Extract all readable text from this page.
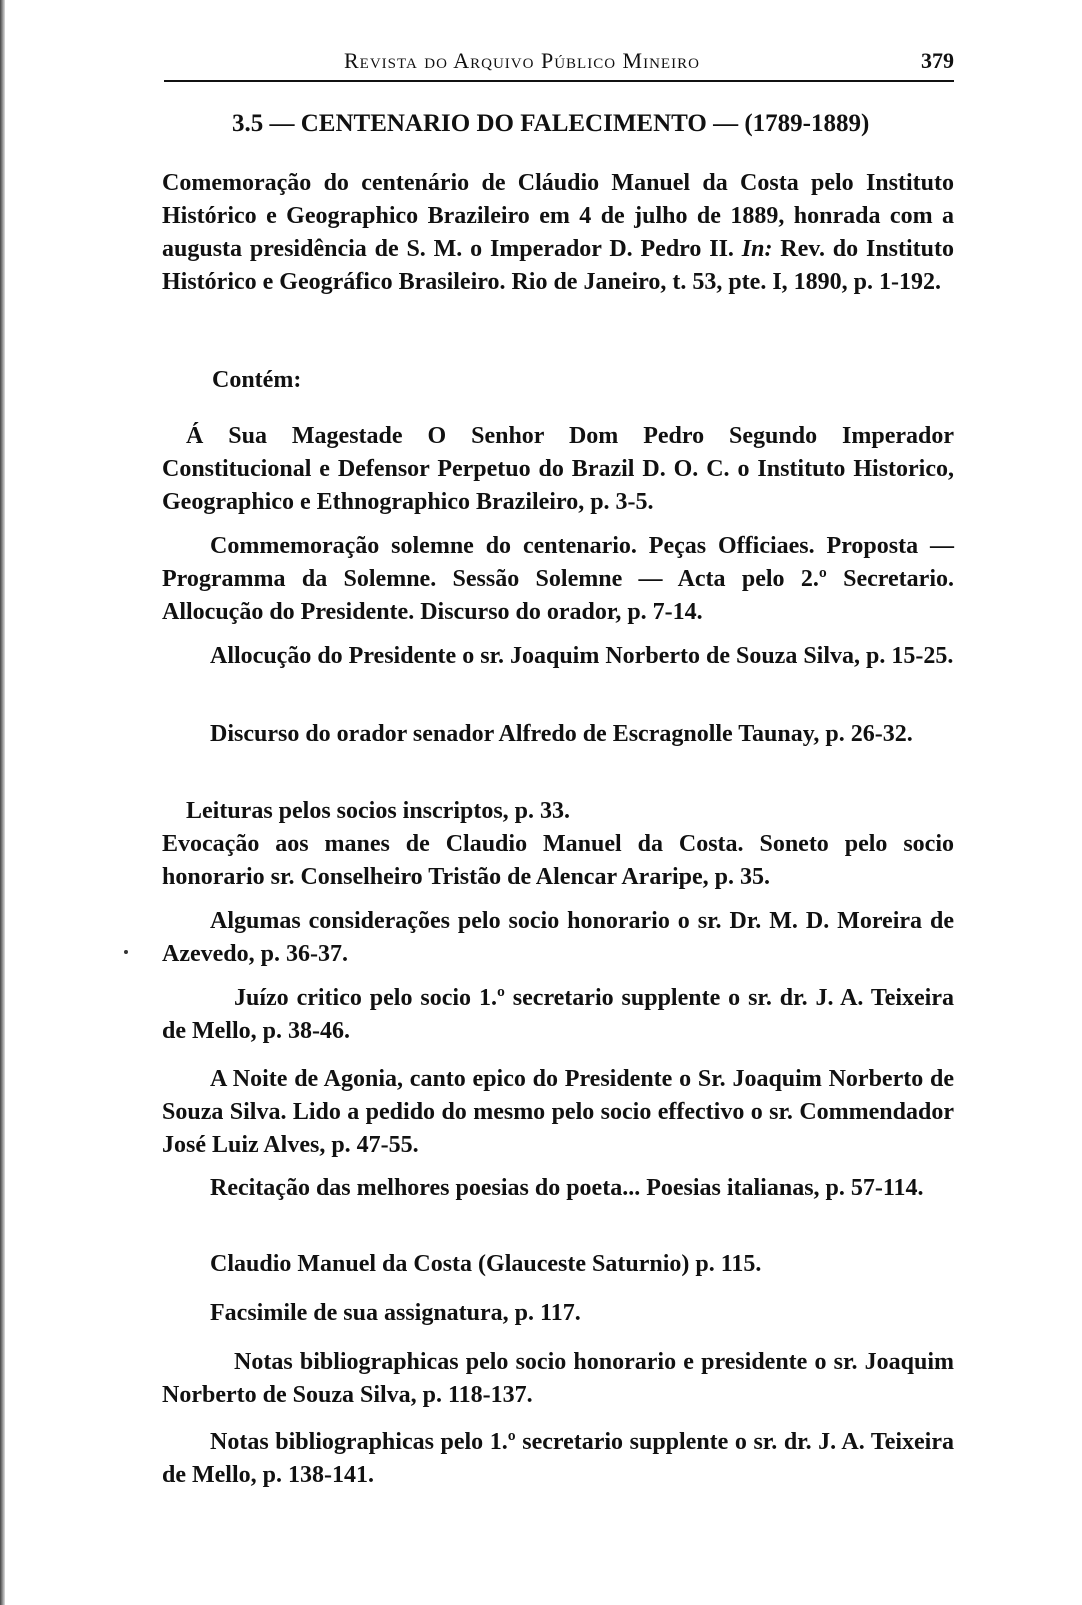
Revista do Arquivo Público Mineiro	379
3.5 — CENTENARIO DO FALECIMENTO — (1789-1889)

Comemoração do centenário de Cláudio Manuel da Costa pelo Instituto Histórico e Geographico Brazileiro em 4 de julho de 1889, honrada com a augusta presidência de S. M. o Imperador D. Pedro II. In: Rev. do Instituto Histórico e Geográfico Brasileiro. Rio de Janeiro, t. 53, pte. I, 1890, p. 1-192.

Contém:

Á Sua Magestade O Senhor Dom Pedro Segundo Imperador Constitucional e Defensor Perpetuo do Brazil D. O. C. o Instituto Historico, Geographico e Ethnographico Brazileiro, p. 3-5.

Commemoração solemne do centenario. Peças Officiaes. Proposta — Programma da Solemne. Sessão Solemne — Acta pelo 2.º Secretario. Allocução do Presidente. Discurso do orador, p. 7-14.

Allocução do Presidente o sr. Joaquim Norberto de Souza Silva, p. 15-25.

Discurso do orador senador Alfredo de Escragnolle Taunay, p. 26-32.

Leituras pelos socios inscriptos, p. 33.

Evocação aos manes de Claudio Manuel da Costa. Soneto pelo socio honorario sr. Conselheiro Tristão de Alencar Araripe, p. 35.

Algumas considerações pelo socio honorario o sr. Dr. M. D. Moreira de Azevedo, p. 36-37.

Juízo critico pelo socio 1.º secretario supplente o sr. dr. J. A. Teixeira de Mello, p. 38-46.

A Noite de Agonia, canto epico do Presidente o Sr. Joaquim Norberto de Souza Silva. Lido a pedido do mesmo pelo socio effectivo o sr. Commendador José Luiz Alves, p. 47-55.

Recitação das melhores poesias do poeta... Poesias italianas, p. 57-114.

Claudio Manuel da Costa (Glauceste Saturnio) p. 115.

Facsimile de sua assignatura, p. 117.

Notas bibliographicas pelo socio honorario e presidente o sr. Joaquim Norberto de Souza Silva, p. 118-137.

Notas bibliographicas pelo 1.º secretario supplente o sr. dr. J. A. Teixeira de Mello, p. 138-141.
